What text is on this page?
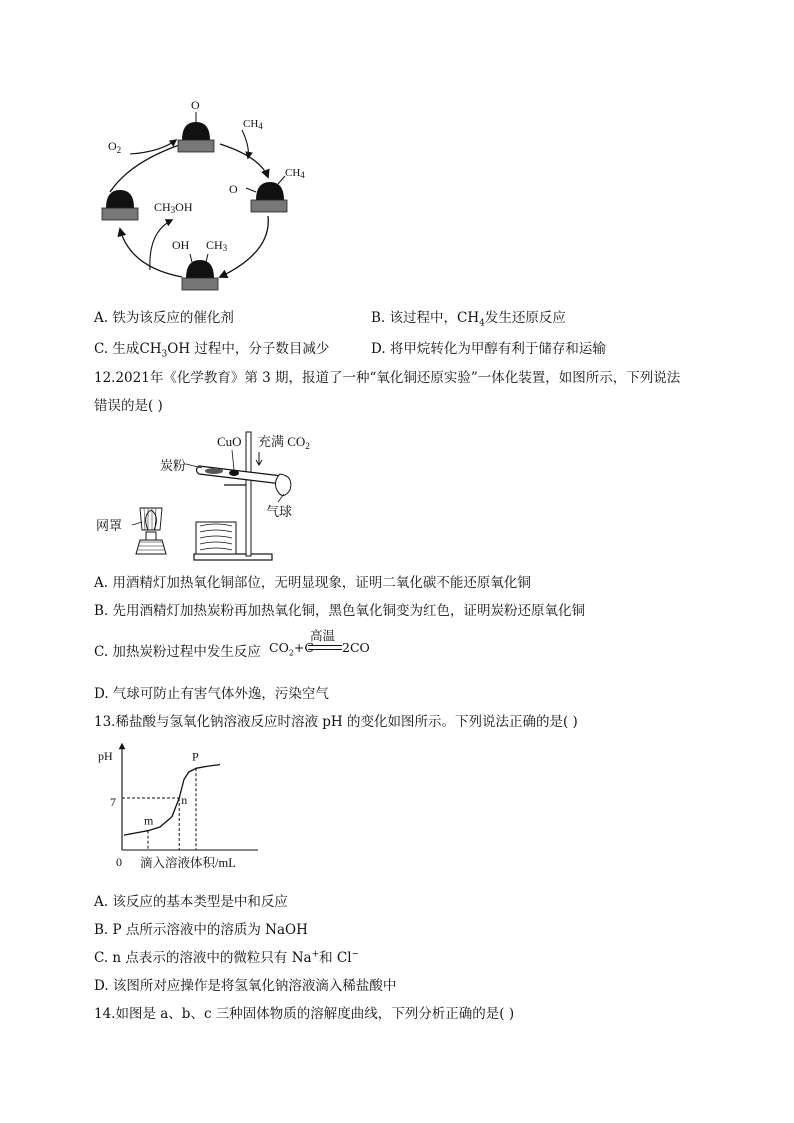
O
CH4
$O_2$
O
CH4
CH3OH
OH CH3
A. 铁为该反应的催化剂	B. 该过程中，$CH_4$发生还原反应
C. 生成$CH_3OH$ 过程中，分子数目减少	D. 将甲烷转化为甲醇有利于储存和运输
12.2021年《化学教育》第 3 期，报道了一种“氧化铜还原实验”一体化装置，如图所示，下列说法
错误的是( )
CuO 充满 $CO_2$
炭粉
气球
网罩
A. 用酒精灯加热氧化铜部位，无明显现象，证明二氧化碳不能还原氧化铜
B. 先用酒精灯加热炭粉再加热氧化铜，黑色氧化铜变为红色，证明炭粉还原氧化铜
C. 加热炭粉过程中发生反应 $CO_2+C$
高温
2CO
D. 气球可防止有害气体外逸，污染空气
13.稀盐酸与氢氧化钠溶液反应时溶液 pH 的变化如图所示。下列说法正确的是( )
m
n
P
pH
0
7
滴入溶液体积/mL
A. 该反应的基本类型是中和反应
B. P 点所示溶液中的溶质为 NaOH
C. n 点表示的溶液中的微粒只有 Na+和 Cl−
D. 该图所对应操作是将氢氧化钠溶液滴入稀盐酸中
14.如图是 a、b、c 三种固体物质的溶解度曲线，下列分析正确的是( )
